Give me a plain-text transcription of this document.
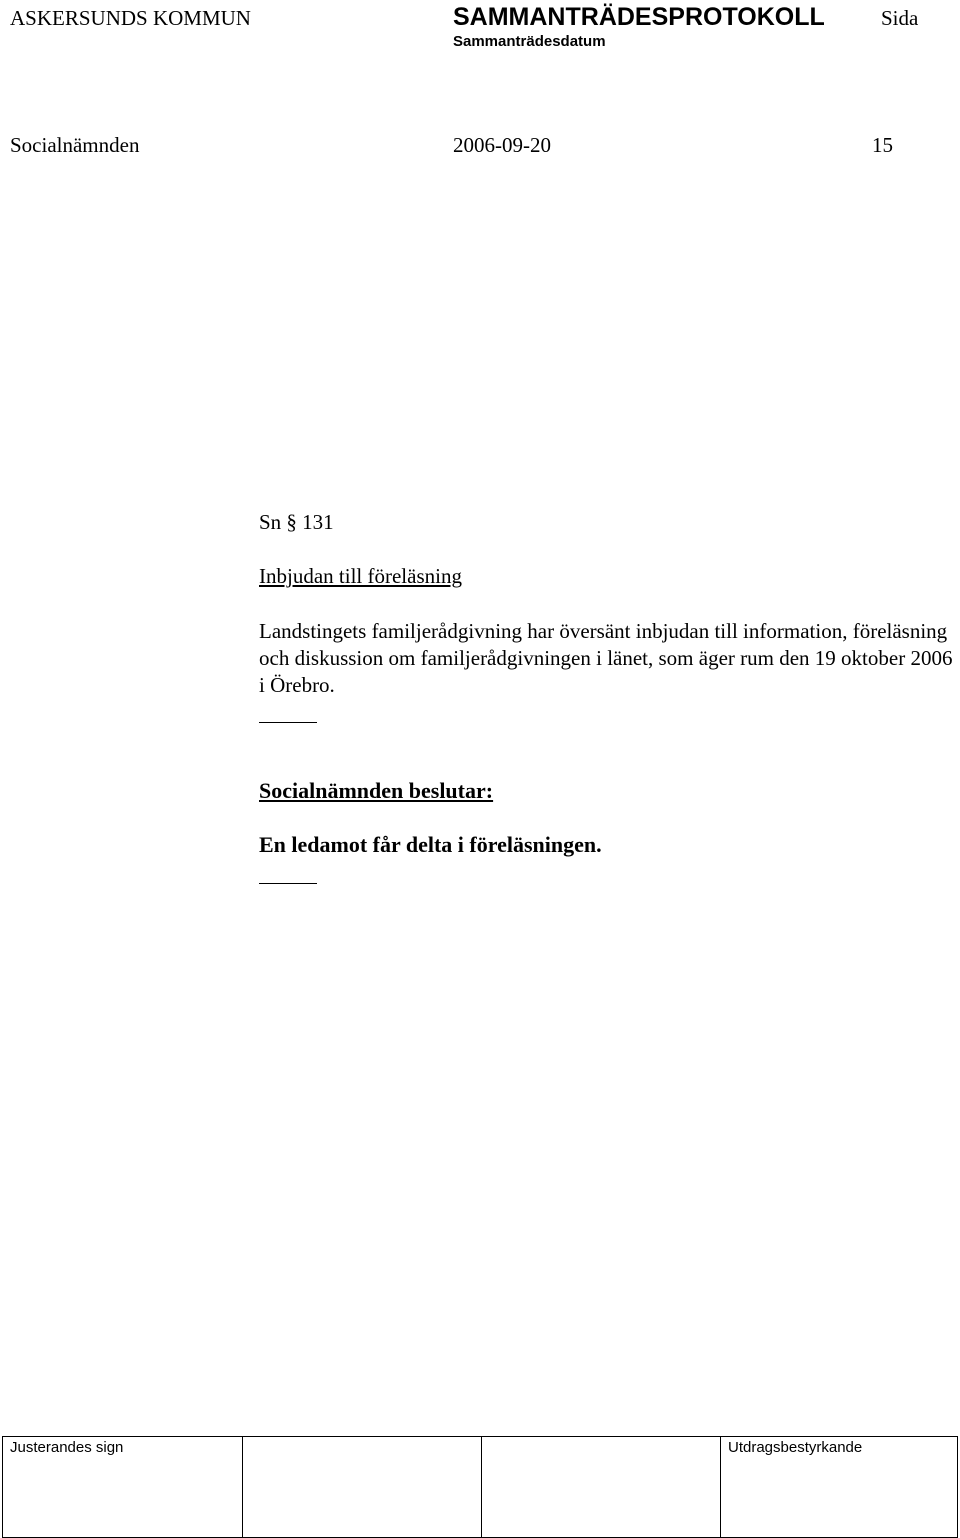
ASKERSUNDS KOMMUN	SAMMANTRÄDESPROTOKOLL	Sida
Sammanträdesdatum
Socialnämnden	2006-09-20	15
Sn § 131
Inbjudan till föreläsning
Landstingets familjerådgivning har översänt inbjudan till information, föreläsning och diskussion om familjerådgivningen i länet, som äger rum den 19 oktober 2006 i Örebro.
Socialnämnden beslutar:
En ledamot får delta i föreläsningen.
Justerandes sign			Utdragsbestyrkande
